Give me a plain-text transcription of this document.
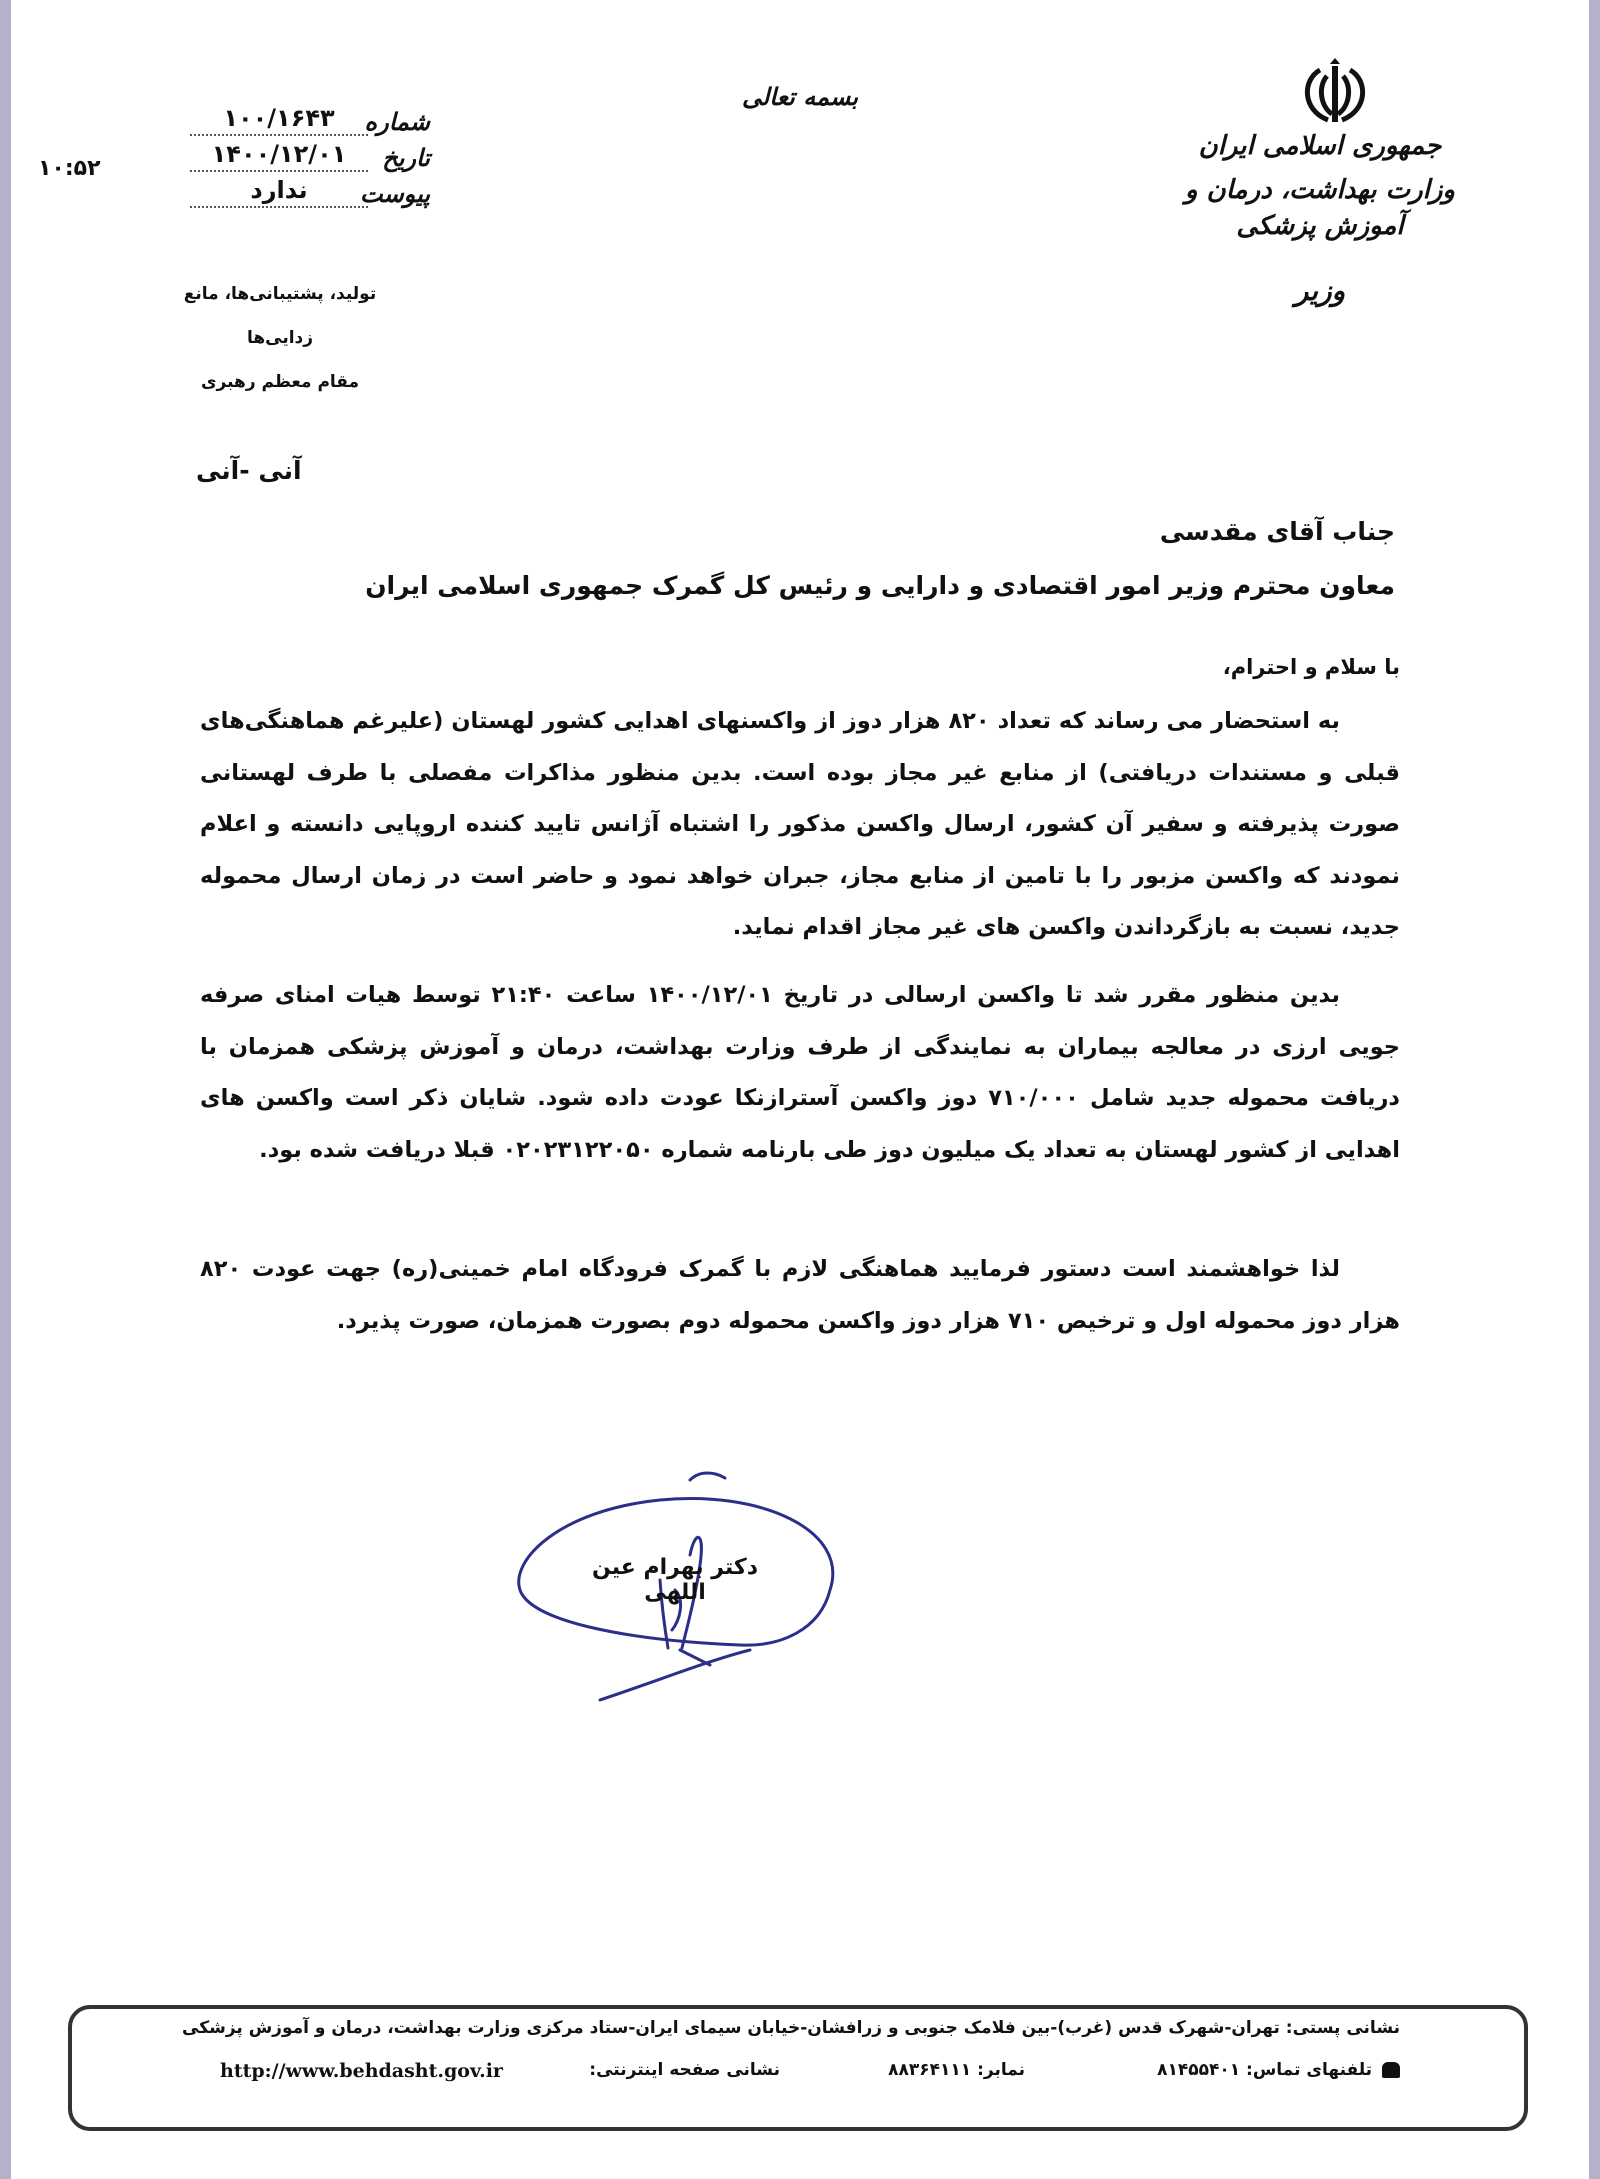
جمهوری اسلامی ایران
وزارت بهداشت، درمان و آموزش پزشکی
وزیر
بسمه تعالی
شماره
۱۰۰/۱۶۴۳
تاریخ
۱۴۰۰/۱۲/۰۱
پیوست
ندارد
۱۰:۵۲
تولید، پشتیبانی‌ها، مانع زدایی‌ها
مقام معظم رهبری
آنی -آنی
جناب آقای مقدسی
معاون محترم وزیر امور اقتصادی و دارایی و رئیس کل گمرک جمهوری اسلامی ایران
با سلام و احترام،

به استحضار می رساند که تعداد ۸۲۰ هزار دوز از واکسنهای اهدایی کشور لهستان (علیرغم هماهنگی‌های قبلی و مستندات دریافتی) از منابع غیر مجاز بوده است. بدین منظور مذاکرات مفصلی با طرف لهستانی صورت پذیرفته و سفیر آن کشور، ارسال واکسن مذکور را اشتباه آژانس تایید کننده اروپایی دانسته و اعلام نمودند که واکسن مزبور را با تامین از منابع مجاز، جبران خواهد نمود و حاضر است در زمان ارسال محموله جدید، نسبت به بازگرداندن واکسن های غیر مجاز اقدام نماید.

بدین منظور مقرر شد تا واکسن ارسالی در تاریخ ۱۴۰۰/۱۲/۰۱ ساعت ۲۱:۴۰ توسط هیات امنای صرفه جویی ارزی در معالجه بیماران به نمایندگی از طرف وزارت بهداشت، درمان و آموزش پزشکی همزمان با دریافت محموله جدید شامل ۷۱۰/۰۰۰ دوز واکسن آسترازنکا عودت داده شود. شایان ذکر است واکسن های اهدایی از کشور لهستان به تعداد یک میلیون دوز طی بارنامه شماره ۰۲۰۲۳۱۲۲۰۵۰ قبلا دریافت شده بود.

لذا خواهشمند است دستور فرمایید هماهنگی لازم با گمرک فرودگاه امام خمینی(ره) جهت عودت ۸۲۰ هزار دوز محموله اول و ترخیص ۷۱۰ هزار دوز واکسن محموله دوم بصورت همزمان، صورت پذیرد.

دکتر بهرام عین اللهی
نشانی پستی: تهران-شهرک قدس (غرب)-بین فلامک جنوبی و زرافشان-خیابان سیمای ایران-ستاد مرکزی وزارت بهداشت، درمان و آموزش پزشکی
تلفنهای تماس: ۸۱۴۵۵۴۰۱
نمابر: ۸۸۳۶۴۱۱۱
نشانی صفحه اینترنتی:
http://www.behdasht.gov.ir
